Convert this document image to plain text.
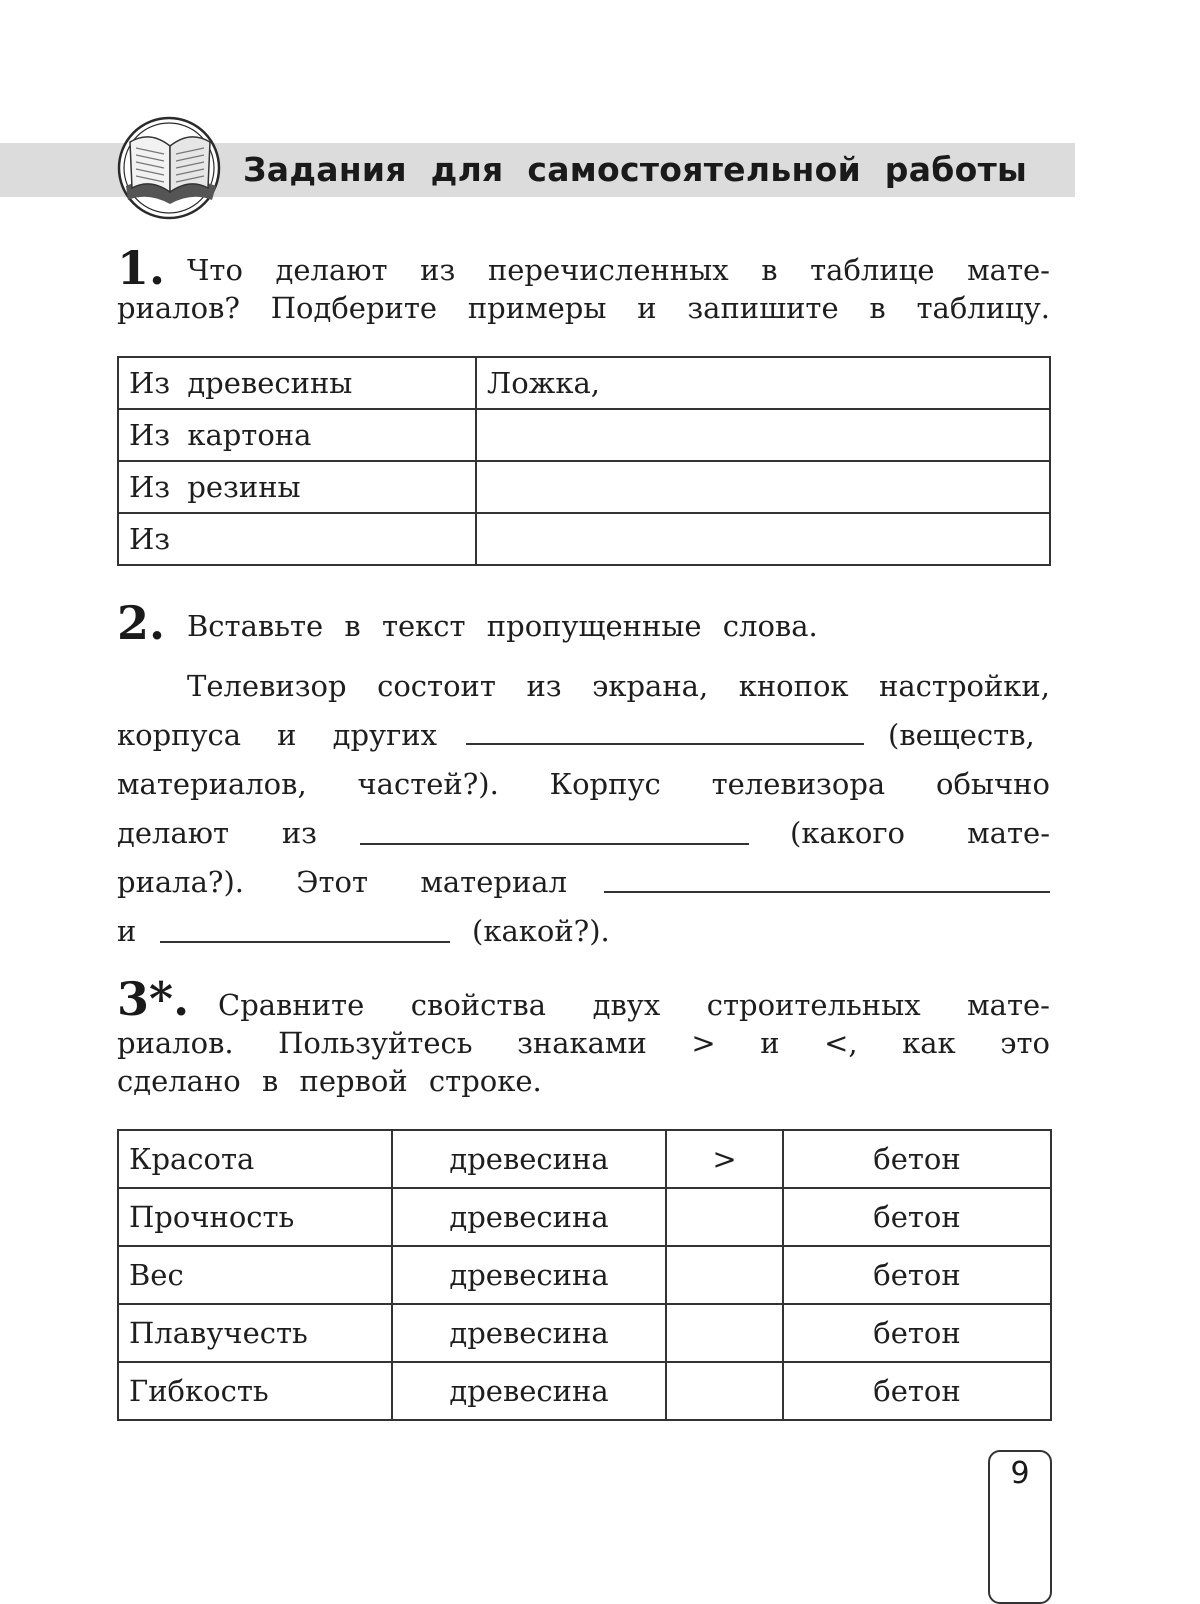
Задания для самостоятельной работы
1. Что делают из перечисленных в таблице мате-
риалов? Подберите примеры и запишите в таблицу.
Из древесины	Ложка,
Из картона	
Из резины	
Из	
2. Вставьте в текст пропущенные слова.
Телевизор состоит из экрана, кнопок настройки,
корпуса и других	(веществ,
материалов, частей?). Корпус телевизора обычно
делают из	(какого мате-
риала?). Этот материал
и	(какой?).
3*. Сравните свойства двух строительных мате-
риалов. Пользуйтесь знаками > и <, как это
сделано в первой строке.
Красота	древесина	>	бетон
Прочность	древесина		бетон
Вес	древесина		бетон
Плавучесть	древесина		бетон
Гибкость	древесина		бетон
9
